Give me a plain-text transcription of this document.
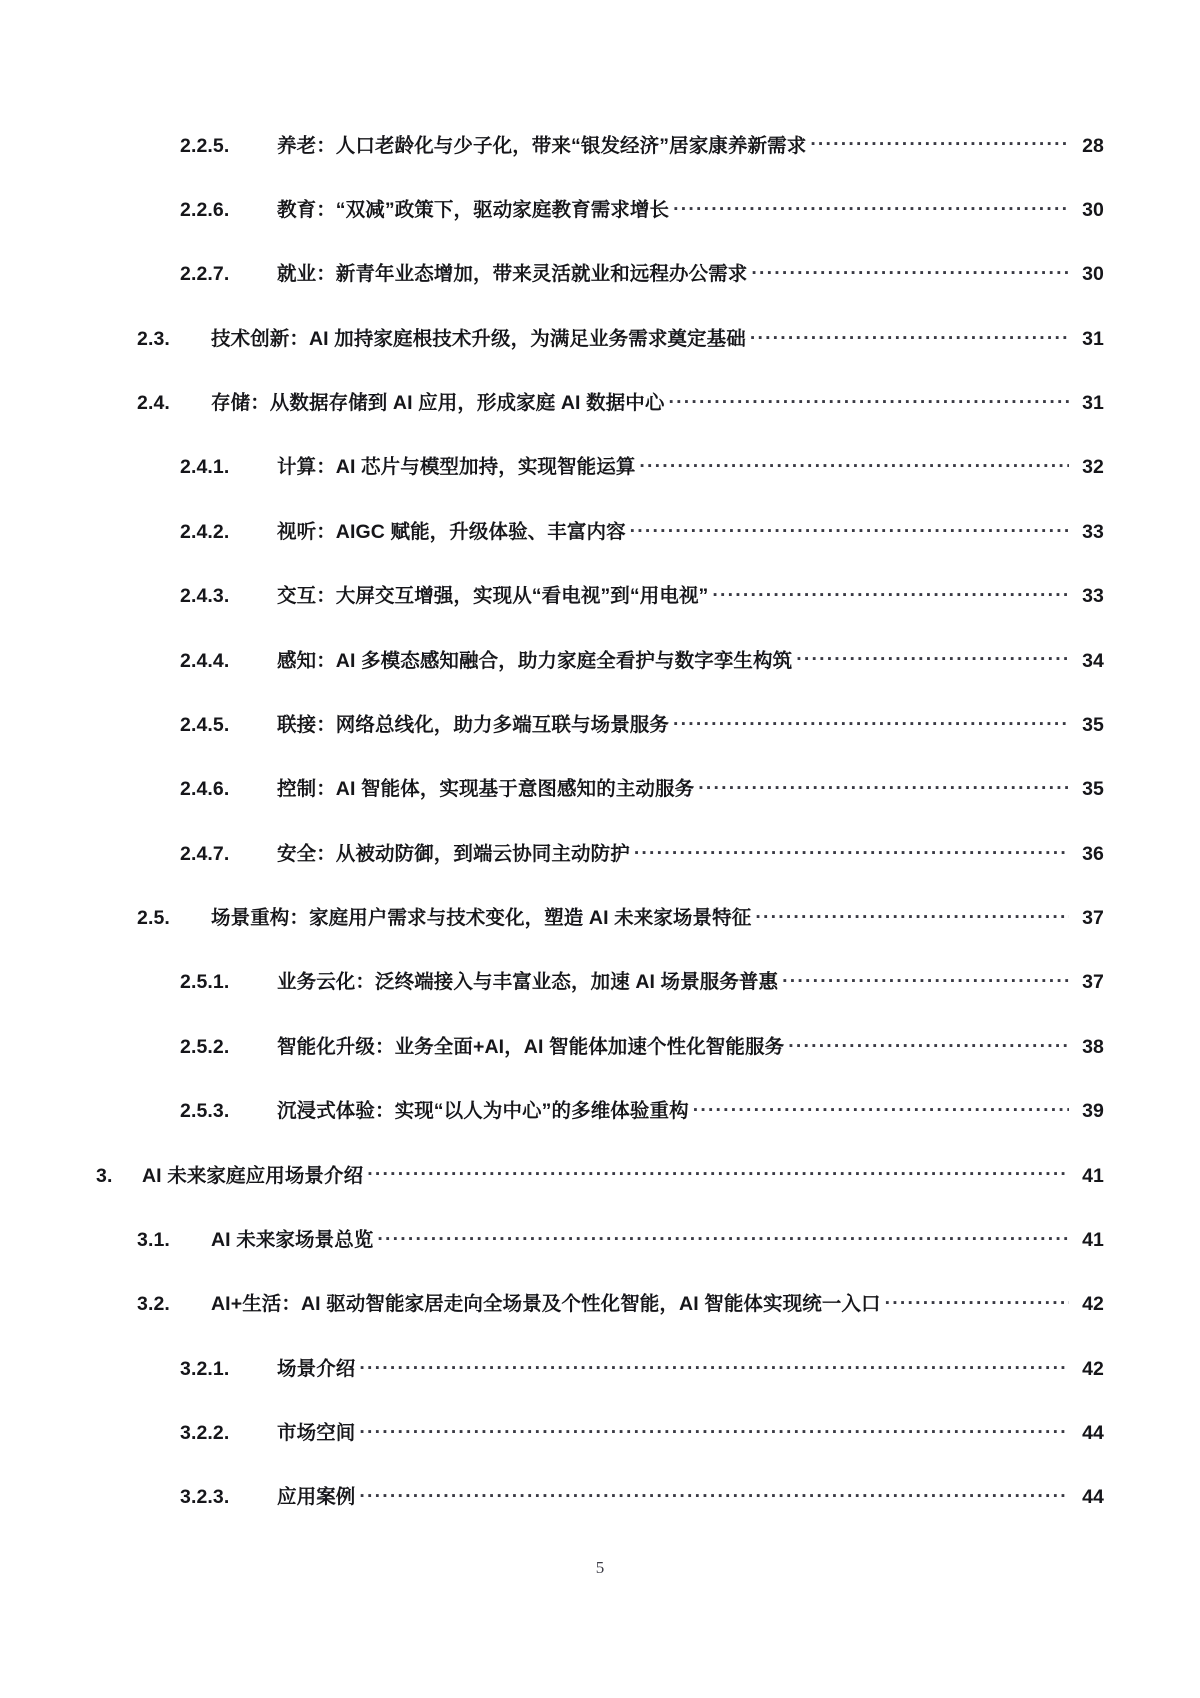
2.2.5.	养老：人口老龄化与少子化，带来“银发经济”居家康养新需求 .....	28
2.2.6.	教育：“双减”政策下，驱动家庭教育需求增长 .....	30
2.2.7.	就业：新青年业态增加，带来灵活就业和远程办公需求 .....	30
2.3.	技术创新：AI 加持家庭根技术升级，为满足业务需求奠定基础 .....	31
2.4.	存储：从数据存储到 AI 应用，形成家庭 AI 数据中心 .....	31
2.4.1.	计算：AI 芯片与模型加持，实现智能运算 .....	32
2.4.2.	视听：AIGC 赋能，升级体验、丰富内容 .....	33
2.4.3.	交互：大屏交互增强，实现从“看电视”到“用电视” .....	33
2.4.4.	感知：AI 多模态感知融合，助力家庭全看护与数字孪生构筑 .....	34
2.4.5.	联接：网络总线化，助力多端互联与场景服务 .....	35
2.4.6.	控制：AI 智能体，实现基于意图感知的主动服务 .....	35
2.4.7.	安全：从被动防御，到端云协同主动防护 .....	36
2.5.	场景重构：家庭用户需求与技术变化，塑造 AI 未来家场景特征 .....	37
2.5.1.	业务云化：泛终端接入与丰富业态，加速 AI 场景服务普惠 .....	37
2.5.2.	智能化升级：业务全面+AI，AI 智能体加速个性化智能服务 .....	38
2.5.3.	沉浸式体验：实现“以人为中心”的多维体验重构 .....	39
3.	AI 未来家庭应用场景介绍 .....	41
3.1.	AI 未来家场景总览 .....	41
3.2.	AI+生活：AI 驱动智能家居走向全场景及个性化智能，AI 智能体实现统一入口 .....	42
3.2.1.	场景介绍 .....	42
3.2.2.	市场空间 .....	44
3.2.3.	应用案例 .....	44
5
